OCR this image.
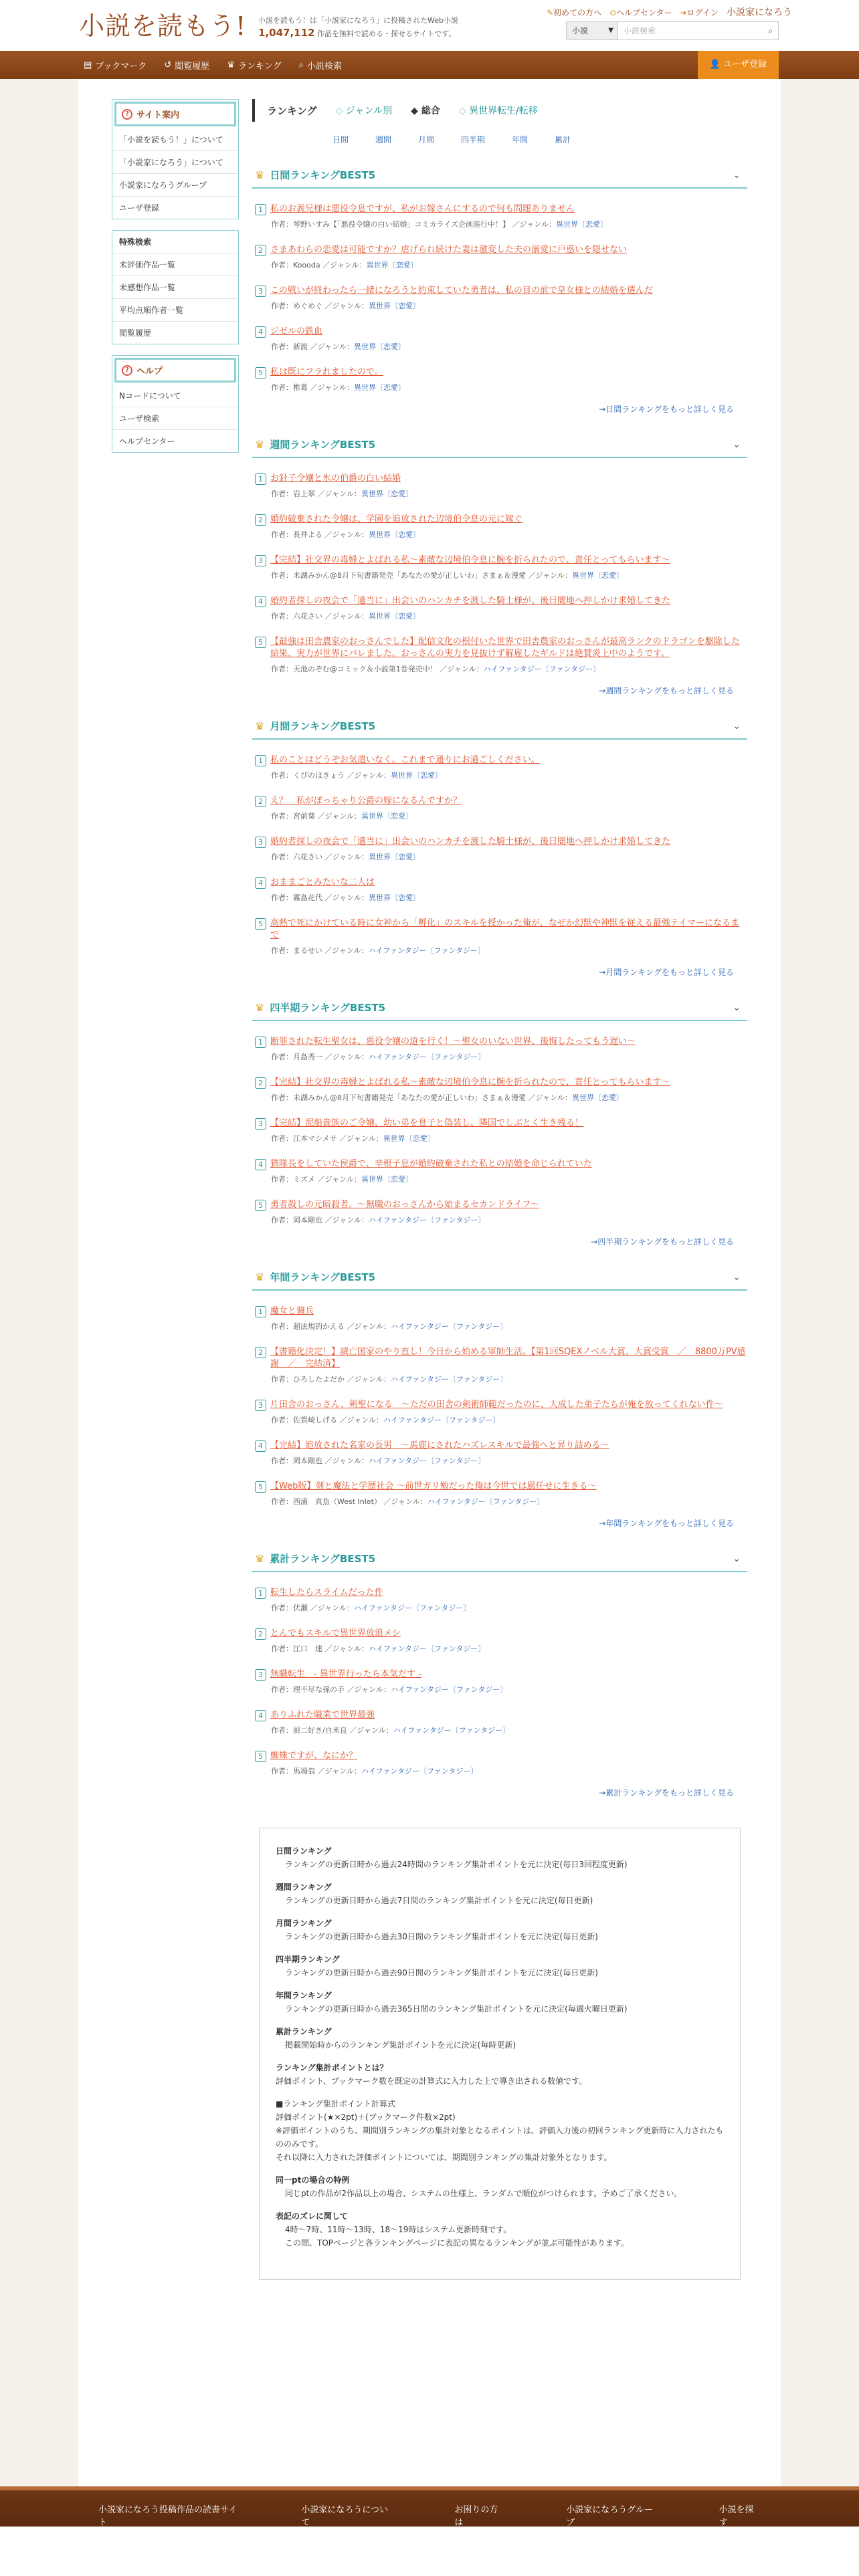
小説を読もう! 小説を読もう！は「小説家になろう」に投稿されたWeb小説
1,047,112 作品を無料で読める・探せるサイトです。
✎初めての方へ ⊙ヘルプセンター ➜ログイン 小説家になろう
小説	▼	小説検索	⌕
▤ ブックマーク ↺ 閲覧履歴 ♛ ランキング ⌕ 小説検索	👤 ユーザ登録
? サイト案内
「小説を読もう！」について
「小説家になろう」について
小説家になろうグループ
ユーザ登録
特殊検索
未評価作品一覧
未感想作品一覧
平均点順作者一覧
閲覧履歴
? ヘルプ
Nコードについて
ユーザ検索
ヘルプセンター
ランキング ◇ ジャンル別 ◆ 総合 ◇ 異世界転生/転移
日間	週間	月間	四半期	年間	累計
♛ 日間ランキングBEST5	⌄
1 私のお義兄様は悪役令息ですが、私がお嫁さんにするので何も問題ありません
作者：琴野いすみ【「悪役令嬢の白い結婚」コミカライズ企画進行中！】 ／ジャンル：異世界〔恋愛〕
2 さまあわらの恋愛は可能ですか？虐げられ続けた妻は激変した夫の溺愛に戸惑いを隠せない
作者：Koooda ／ジャンル：異世界〔恋愛〕
3 この戦いが終わったら一緒になろうと約束していた勇者は、私の目の前で皇女様との結婚を選んだ
作者：めぐめぐ ／ジャンル：異世界〔恋愛〕
4 ジゼルの鉄血
作者：新渡 ／ジャンル：異世界〔恋愛〕
5 私は既にフラれましたので。
作者：椎葛 ／ジャンル：異世界〔恋愛〕
→日間ランキングをもっと詳しく見る
♛ 週間ランキングBEST5	⌄
1 お針子令嬢と氷の伯爵の白い結婚
作者：岩上翠 ／ジャンル：異世界〔恋愛〕
2 婚約破棄された令嬢は、学園を追放された辺境伯令息の元に嫁ぐ
作者：長井よる ／ジャンル：異世界〔恋愛〕
3 【完結】社交界の毒婦とよばれる私〜素敵な辺境伯令息に腕を折られたので、責任とってもらいます〜
作者：未湖みかん@8月下旬書籍発売「あなたの愛が正しいわ」さまぁ＆漫愛 ／ジャンル：異世界〔恋愛〕
4 婚約者探しの夜会で「適当に」出会いのハンカチを渡した騎士様が、後日闇地へ押しかけ求婚してきた
作者：六花さい ／ジャンル：異世界〔恋愛〕
5 【最強は田舎農家のおっさんでした】配信文化の根付いた世界で田舎農家のおっさんが最高ランクのドラゴンを駆除した結果、実力が世界にバレました。おっさんの実力を見抜けず解雇したギルドは絶賛炎上中のようです。
作者：天池のぞむ@コミック＆小説第1巻発売中！ ／ジャンル：ハイファンタジー〔ファンタジー〕
→週間ランキングをもっと詳しく見る
♛ 月間ランキングBEST5	⌄
1 私のことはどうぞお気遣いなく。これまで通りにお過ごしください。
作者：くびのほきょう ／ジャンル：異世界〔恋愛〕
2 え？　私がぽっちゃり公爵の嫁になるんですか？
作者：宮前葵 ／ジャンル：異世界〔恋愛〕
3 婚約者探しの夜会で「適当に」出会いのハンカチを渡した騎士様が、後日闇地へ押しかけ求婚してきた
作者：六花さい ／ジャンル：異世界〔恋愛〕
4 おままごとみたいな二人は
作者：霧島花代 ／ジャンル：異世界〔恋愛〕
5 高熱で死にかけている時に女神から「孵化」のスキルを授かった俺が、なぜか幻獣や神獣を従える最強テイマーになるまで
作者：まるせい ／ジャンル：ハイファンタジー〔ファンタジー〕
→月間ランキングをもっと詳しく見る
♛ 四半期ランキングBEST5	⌄
1 断罪された転生聖女は、悪役令嬢の道を行く！〜聖女のいない世界、後悔したってもう遅い〜
作者：月島秀一 ／ジャンル：ハイファンタジー〔ファンタジー〕
2 【完結】社交界の毒婦とよばれる私〜素敵な辺境伯令息に腕を折られたので、責任とってもらいます〜
作者：未湖みかん@8月下旬書籍発売「あなたの愛が正しいわ」さまぁ＆漫愛 ／ジャンル：異世界〔恋愛〕
3 【完結】泥船貴族のご令嬢、幼い弟を息子と偽装し、隣国でしぶとく生き残る！
作者：江本マシメサ ／ジャンル：異世界〔恋愛〕
4 猫隊長をしていた侯爵で、辛根子息が婚約破棄された私との結婚を命じられていた
作者：ミズメ ／ジャンル：異世界〔恋愛〕
5 勇者殺しの元暗殺者。〜無職のおっさんから始まるセカンドライフ〜
作者：岡本剛也 ／ジャンル：ハイファンタジー〔ファンタジー〕
→四半期ランキングをもっと詳しく見る
♛ 年間ランキングBEST5	⌄
1 魔女と傭兵
作者：超法規的かえる ／ジャンル：ハイファンタジー〔ファンタジー〕
2 【書籍化決定！】滅亡国家のやり直し！今日から始める軍師生活。【第1回SQEXノベル大賞、大賞受賞　／　8800万PV感謝　／　完結済】
作者：ひろしたよだか ／ジャンル：ハイファンタジー〔ファンタジー〕
3 片田舎のおっさん、剣聖になる　〜ただの田舎の剣術師範だったのに、大成した弟子たちが俺を放ってくれない件〜
作者：佐賀崎しげる ／ジャンル：ハイファンタジー〔ファンタジー〕
4 【完結】追放された名家の長男　〜馬鹿にされたハズレスキルで最強へと昇り詰める〜
作者：岡本剛也 ／ジャンル：ハイファンタジー〔ファンタジー〕
5 【Web版】剣と魔法と学歴社会 〜前世ガリ勉だった俺は今世では風任せに生きる〜
作者：西浦　真魚（West Inlet） ／ジャンル：ハイファンタジー〔ファンタジー〕
→年間ランキングをもっと詳しく見る
♛ 累計ランキングBEST5	⌄
1 転生したらスライムだった件
作者：伏瀬 ／ジャンル：ハイファンタジー〔ファンタジー〕
2 とんでもスキルで異世界放浪メシ
作者：江口　連 ／ジャンル：ハイファンタジー〔ファンタジー〕
3 無職転生　- 異世界行ったら本気だす -
作者：理不尽な孫の手 ／ジャンル：ハイファンタジー〔ファンタジー〕
4 ありふれた職業で世界最強
作者：厨二好き/白米良 ／ジャンル：ハイファンタジー〔ファンタジー〕
5 蜘蛛ですが、なにか？
作者：馬場翁 ／ジャンル：ハイファンタジー〔ファンタジー〕
→累計ランキングをもっと詳しく見る
日間ランキング
ランキングの更新日時から過去24時間のランキング集計ポイントを元に決定(毎日3回程度更新)
週間ランキング
ランキングの更新日時から過去7日間のランキング集計ポイントを元に決定(毎日更新)
月間ランキング
ランキングの更新日時から過去30日間のランキング集計ポイントを元に決定(毎日更新)
四半期ランキング
ランキングの更新日時から過去90日間のランキング集計ポイントを元に決定(毎日更新)
年間ランキング
ランキングの更新日時から過去365日間のランキング集計ポイントを元に決定(毎週火曜日更新)
累計ランキング
掲載開始時からのランキング集計ポイントを元に決定(毎時更新)
ランキング集計ポイントとは？
評価ポイント、ブックマーク数を既定の計算式に入力した上で導き出される数値です。
■ランキング集計ポイント計算式
評価ポイント(★×2pt)＋(ブックマーク件数×2pt)
※評価ポイントのうち、期間別ランキングの集計対象となるポイントは、評価入力後の初回ランキング更新時に入力されたもののみです。
それ以降に入力された評価ポイントについては、期間別ランキングの集計対象外となります。
同一ptの場合の特例
同じptの作品が2作品以上の場合、システムの仕様上、ランダムで順位がつけられます。予めご了承ください。
表記のズレに関して
4時〜7時、11時〜13時、18〜19時はシステム更新時刻です。
この間、TOPページと各ランキングページに表記の異なるランキングが並ぶ可能性があります。
小説家になろう投稿作品の読書サイト
小説家になろうについて
お困りの方は
小説家になろうグループ
小説を探す
